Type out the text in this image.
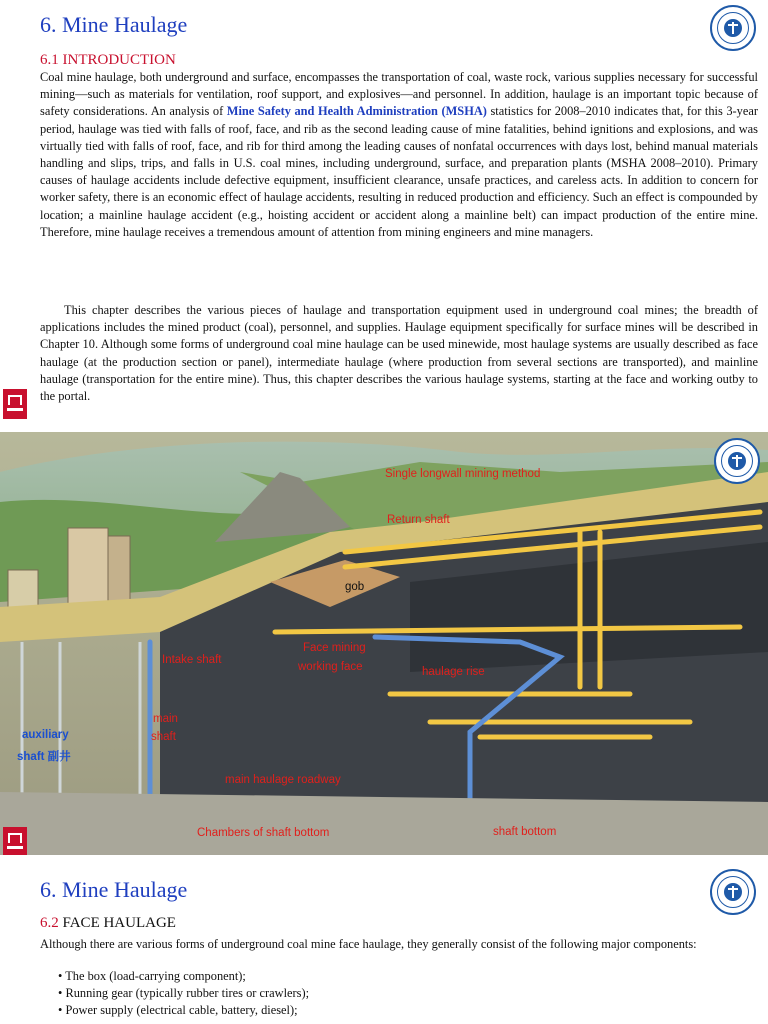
6. Mine Haulage
6.1 INTRODUCTION
Coal mine haulage, both underground and surface, encompasses the transportation of coal, waste rock, various supplies necessary for successful mining—such as materials for ventilation, roof support, and explosives—and personnel. In addition, haulage is an important topic because of safety considerations. An analysis of Mine Safety and Health Administration (MSHA) statistics for 2008–2010 indicates that, for this 3-year period, haulage was tied with falls of roof, face, and rib as the second leading cause of mine fatalities, behind ignitions and explosions, and was virtually tied with falls of roof, face, and rib for third among the leading causes of nonfatal occurrences with days lost, behind manual materials handling and slips, trips, and falls in U.S. coal mines, including underground, surface, and preparation plants (MSHA 2008–2010). Primary causes of haulage accidents include defective equipment, insufficient clearance, unsafe practices, and careless acts. In addition to concern for worker safety, there is an economic effect of haulage accidents, resulting in reduced production and efficiency. Such an effect is compounded by location; a mainline haulage accident (e.g., hoisting accident or accident along a mainline belt) can impact production of the entire mine. Therefore, mine haulage receives a tremendous amount of attention from mining engineers and mine managers.
This chapter describes the various pieces of haulage and transportation equipment used in underground coal mines; the breadth of applications includes the mined product (coal), personnel, and supplies. Haulage equipment specifically for surface mines will be described in Chapter 10. Although some forms of underground coal mine haulage can be used minewide, most haulage systems are usually described as face haulage (at the production section or panel), intermediate haulage (where production from several sections are transported), and mainline haulage (transportation for the entire mine). Thus, this chapter describes the various haulage systems, starting at the face and working outby to the portal.
Single longwall mining method
Return shaft
gob
Intake shaft
Face mining
working face	haulage rise
main
shaft
auxiliary
shaft 副井
main haulage roadway
Chambers of shaft bottom	shaft bottom
6. Mine Haulage
6.2 FACE HAULAGE
Although there are various forms of underground coal mine face haulage, they generally consist of the following major components:
• The box (load-carrying component);
• Running gear (typically rubber tires or crawlers);
• Power supply (electrical cable, battery, diesel);
